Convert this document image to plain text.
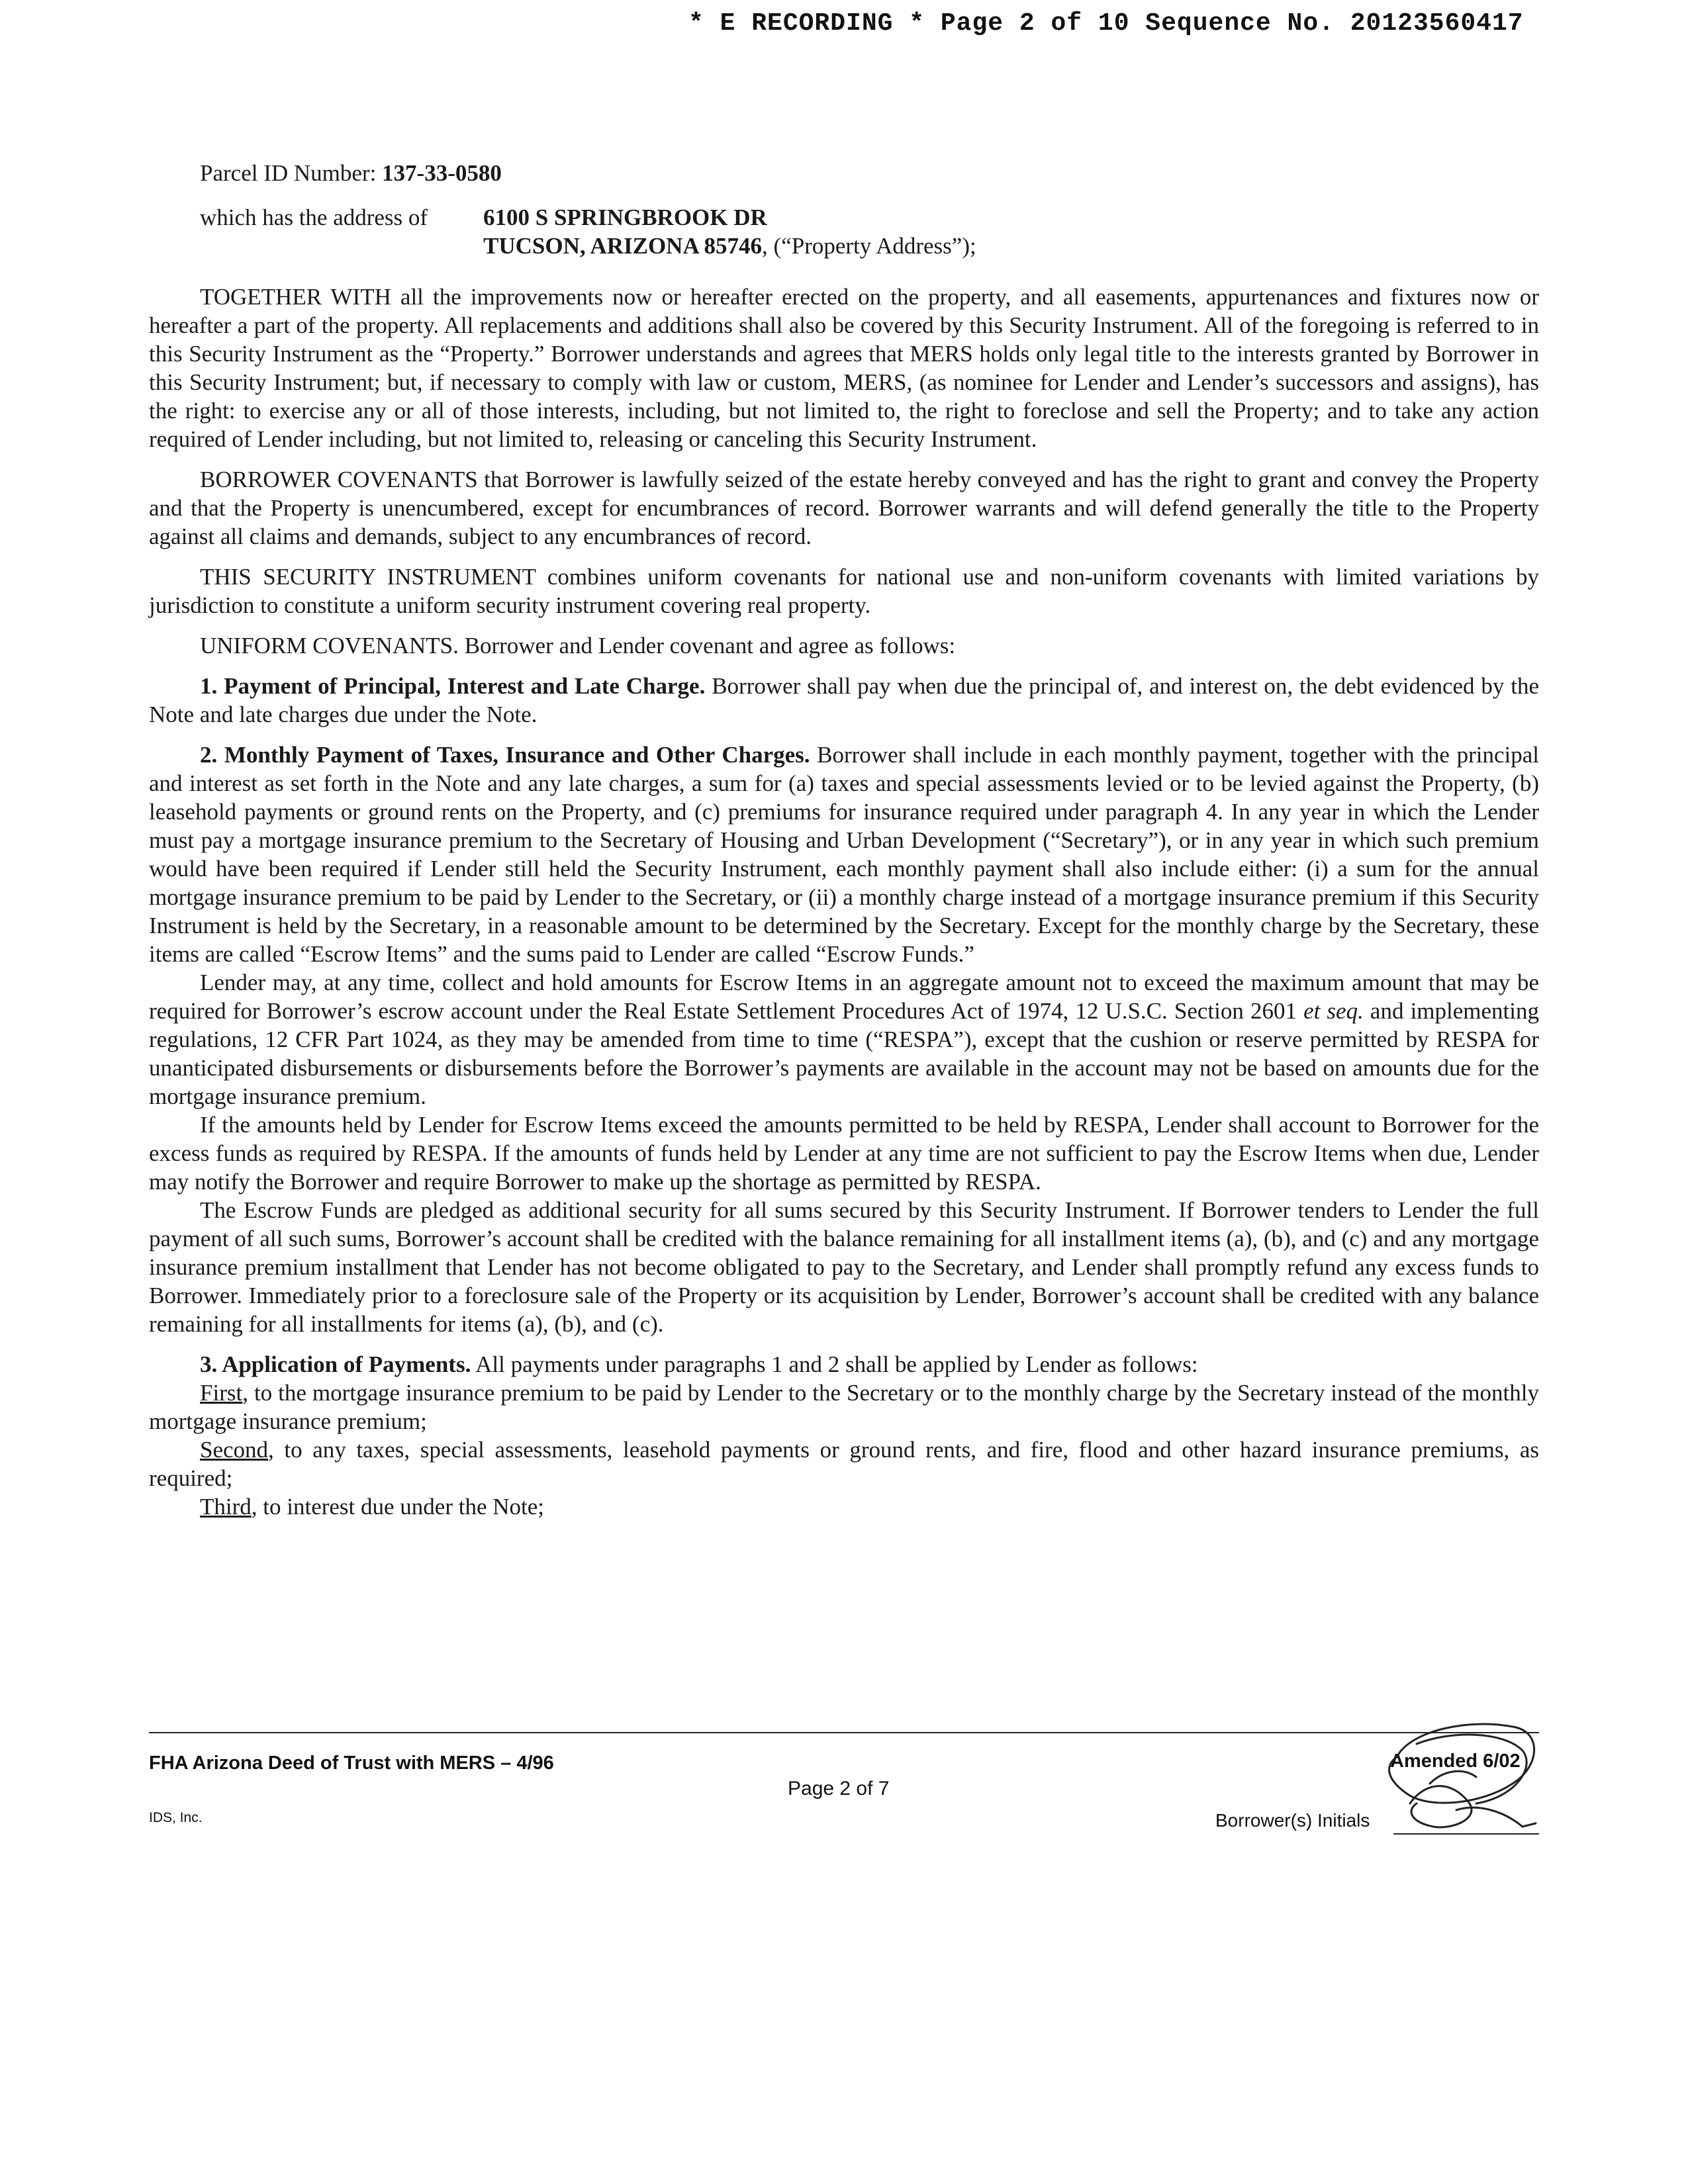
* E RECORDING * Page 2 of 10 Sequence No. 20123560417
Parcel ID Number: 137-33-0580
which has the address of	6100 S SPRINGBROOK DR
TUCSON, ARIZONA 85746, (“Property Address”);

TOGETHER WITH all the improvements now or hereafter erected on the property, and all easements, appurtenances and fixtures now or hereafter a part of the property. All replacements and additions shall also be covered by this Security Instrument. All of the foregoing is referred to in this Security Instrument as the “Property.” Borrower understands and agrees that MERS holds only legal title to the interests granted by Borrower in this Security Instrument; but, if necessary to comply with law or custom, MERS, (as nominee for Lender and Lender’s successors and assigns), has the right: to exercise any or all of those interests, including, but not limited to, the right to foreclose and sell the Property; and to take any action required of Lender including, but not limited to, releasing or canceling this Security Instrument.

BORROWER COVENANTS that Borrower is lawfully seized of the estate hereby conveyed and has the right to grant and convey the Property and that the Property is unencumbered, except for encumbrances of record. Borrower warrants and will defend generally the title to the Property against all claims and demands, subject to any encumbrances of record.

THIS SECURITY INSTRUMENT combines uniform covenants for national use and non-uniform covenants with limited variations by jurisdiction to constitute a uniform security instrument covering real property.

UNIFORM COVENANTS. Borrower and Lender covenant and agree as follows:

1. Payment of Principal, Interest and Late Charge. Borrower shall pay when due the principal of, and interest on, the debt evidenced by the Note and late charges due under the Note.

2. Monthly Payment of Taxes, Insurance and Other Charges. Borrower shall include in each monthly payment, together with the principal and interest as set forth in the Note and any late charges, a sum for (a) taxes and special assessments levied or to be levied against the Property, (b) leasehold payments or ground rents on the Property, and (c) premiums for insurance required under paragraph 4. In any year in which the Lender must pay a mortgage insurance premium to the Secretary of Housing and Urban Development (“Secretary”), or in any year in which such premium would have been required if Lender still held the Security Instrument, each monthly payment shall also include either: (i) a sum for the annual mortgage insurance premium to be paid by Lender to the Secretary, or (ii) a monthly charge instead of a mortgage insurance premium if this Security Instrument is held by the Secretary, in a reasonable amount to be determined by the Secretary. Except for the monthly charge by the Secretary, these items are called “Escrow Items” and the sums paid to Lender are called “Escrow Funds.”

Lender may, at any time, collect and hold amounts for Escrow Items in an aggregate amount not to exceed the maximum amount that may be required for Borrower’s escrow account under the Real Estate Settlement Procedures Act of 1974, 12 U.S.C. Section 2601 et seq. and implementing regulations, 12 CFR Part 1024, as they may be amended from time to time (“RESPA”), except that the cushion or reserve permitted by RESPA for unanticipated disbursements or disbursements before the Borrower’s payments are available in the account may not be based on amounts due for the mortgage insurance premium.

If the amounts held by Lender for Escrow Items exceed the amounts permitted to be held by RESPA, Lender shall account to Borrower for the excess funds as required by RESPA. If the amounts of funds held by Lender at any time are not sufficient to pay the Escrow Items when due, Lender may notify the Borrower and require Borrower to make up the shortage as permitted by RESPA.

The Escrow Funds are pledged as additional security for all sums secured by this Security Instrument. If Borrower tenders to Lender the full payment of all such sums, Borrower’s account shall be credited with the balance remaining for all installment items (a), (b), and (c) and any mortgage insurance premium installment that Lender has not become obligated to pay to the Secretary, and Lender shall promptly refund any excess funds to Borrower. Immediately prior to a foreclosure sale of the Property or its acquisition by Lender, Borrower’s account shall be credited with any balance remaining for all installments for items (a), (b), and (c).

3. Application of Payments. All payments under paragraphs 1 and 2 shall be applied by Lender as follows:

First, to the mortgage insurance premium to be paid by Lender to the Secretary or to the monthly charge by the Secretary instead of the monthly mortgage insurance premium;

Second, to any taxes, special assessments, leasehold payments or ground rents, and fire, flood and other hazard insurance premiums, as required;

Third, to interest due under the Note;

FHA Arizona Deed of Trust with MERS – 4/96
IDS, Inc.
Page 2 of 7
Amended 6/02
Borrower(s) Initials
